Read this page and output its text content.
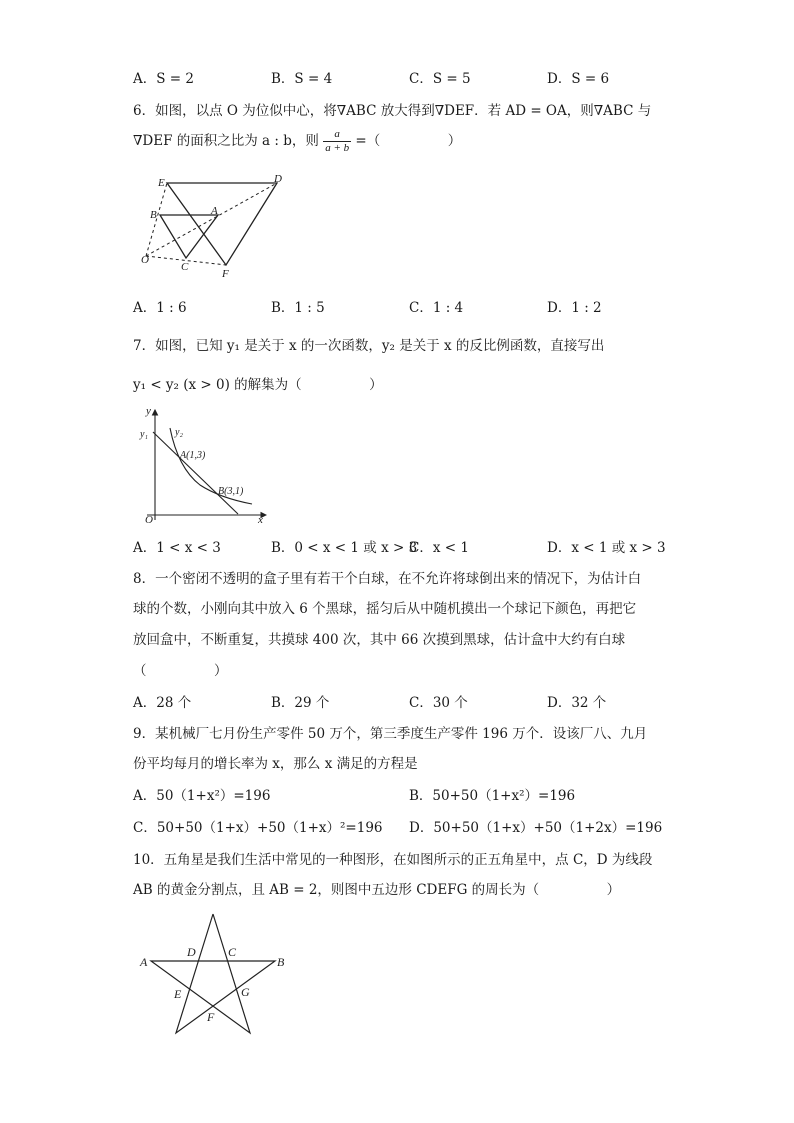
A．S = 2	B．S = 4	C．S = 5	D．S = 6
6．如图，以点 O 为位似中心，将∇ABC 放大得到∇DEF．若 AD = OA，则∇ABC 与
∇DEF 的面积之比为 a : b，则 $\frac{a}{a + b}$ =（　　　　　）
E	D
B	A
O
C
F
A．1 : 6	B．1 : 5	C．1 : 4	D．1 : 2
7．如图，已知 y₁ 是关于 x 的一次函数，y₂ 是关于 x 的反比例函数，直接写出
y₁ < y₂ (x > 0) 的解集为（　　　　　）
y
x
O
y₁	y₂
A(1,3)
B(3,1)
A．1 < x < 3	B．0 < x < 1 或 x > 3
C．x < 1	D．x < 1 或 x > 3
8．一个密闭不透明的盒子里有若干个白球，在不允许将球倒出来的情况下，为估计白
球的个数，小刚向其中放入 6 个黑球，摇匀后从中随机摸出一个球记下颜色，再把它
放回盒中，不断重复，共摸球 400 次，其中 66 次摸到黑球，估计盒中大约有白球
（　　　　　）
A．28 个	B．29 个	C．30 个	D．32 个
9．某机械厂七月份生产零件 50 万个，第三季度生产零件 196 万个．设该厂八、九月
份平均每月的增长率为 x，那么 x 满足的方程是
A．50（1+x²）=196	B．50+50（1+x²）=196
C．50+50（1+x）+50（1+x）²=196 D．50+50（1+x）+50（1+2x）=196
10．五角星是我们生活中常见的一种图形，在如图所示的正五角星中，点 C，D 为线段
AB 的黄金分割点，且 AB = 2，则图中五边形 CDEFG 的周长为（　　　　　）
A	B
D	C
E	G
F
